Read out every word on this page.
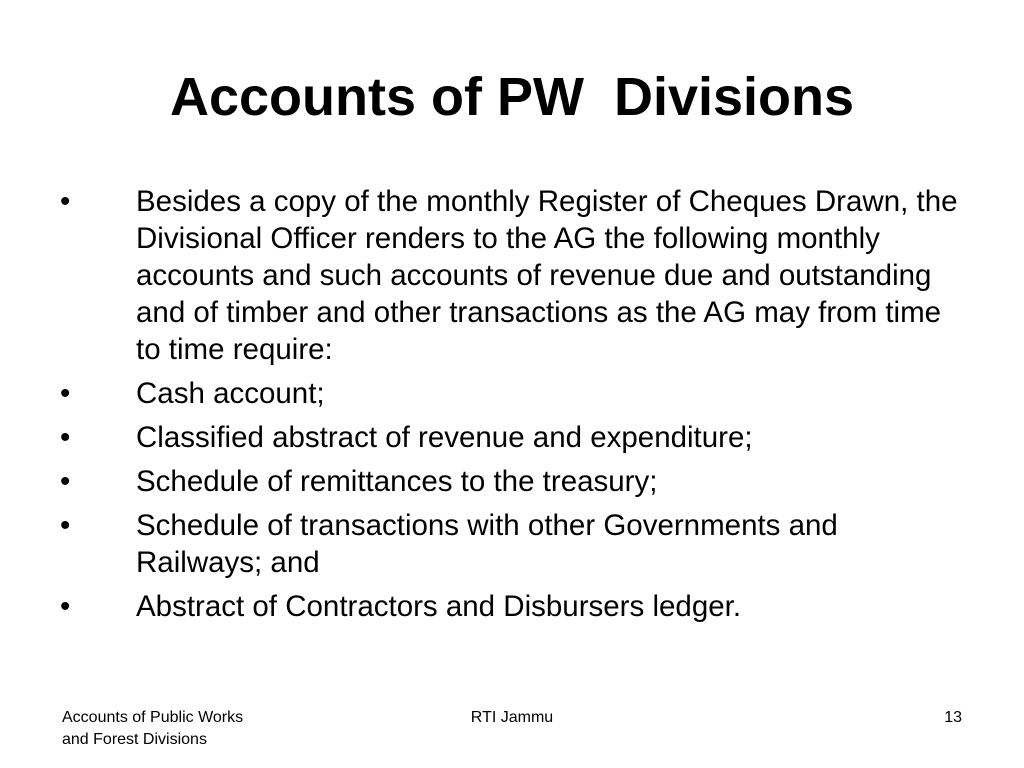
Accounts of PW  Divisions
•	Besides a copy of the monthly Register of Cheques Drawn, the Divisional Officer renders to the AG the following monthly accounts and such accounts of revenue due and outstanding and of timber and other transactions as the AG may from time to time require:
•	Cash account;
•	Classified abstract of revenue and expenditure;
•	Schedule of remittances to the treasury;
•	Schedule of transactions with other Governments and Railways; and
•	Abstract of Contractors and Disbursers ledger.
Accounts of Public Works and Forest Divisions
RTI Jammu	13
